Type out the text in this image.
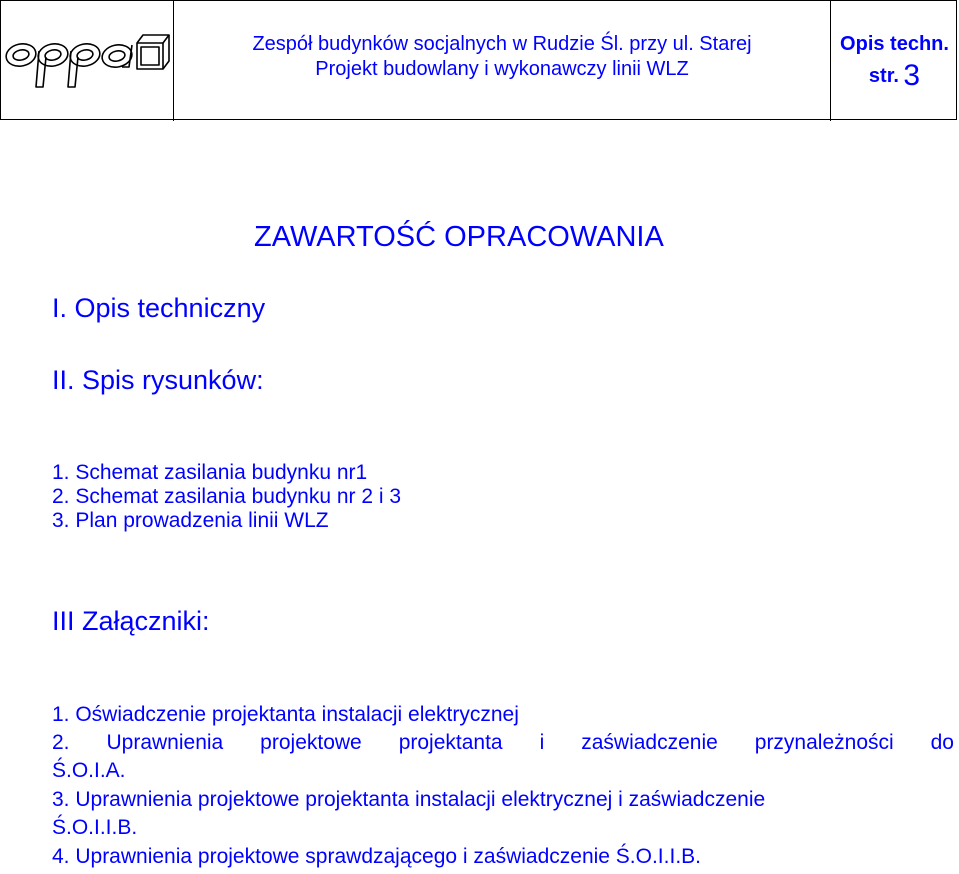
Zespół budynków socjalnych w Rudzie Śl. przy ul. Starej
Projekt budowlany i wykonawczy linii WLZ
Opis techn.
str. 3
ZAWARTOŚĆ OPRACOWANIA
I. Opis techniczny
II. Spis rysunków:
1. Schemat zasilania budynku nr1
2. Schemat zasilania budynku nr 2 i 3
3. Plan prowadzenia linii WLZ
III Załączniki:
1. Oświadczenie projektanta instalacji elektrycznej
2. Uprawnienia projektowe projektanta i zaświadczenie przynależności do
Ś.O.I.A.
3. Uprawnienia projektowe projektanta instalacji elektrycznej i zaświadczenie
Ś.O.I.I.B.
4. Uprawnienia projektowe sprawdzającego i zaświadczenie Ś.O.I.I.B.
